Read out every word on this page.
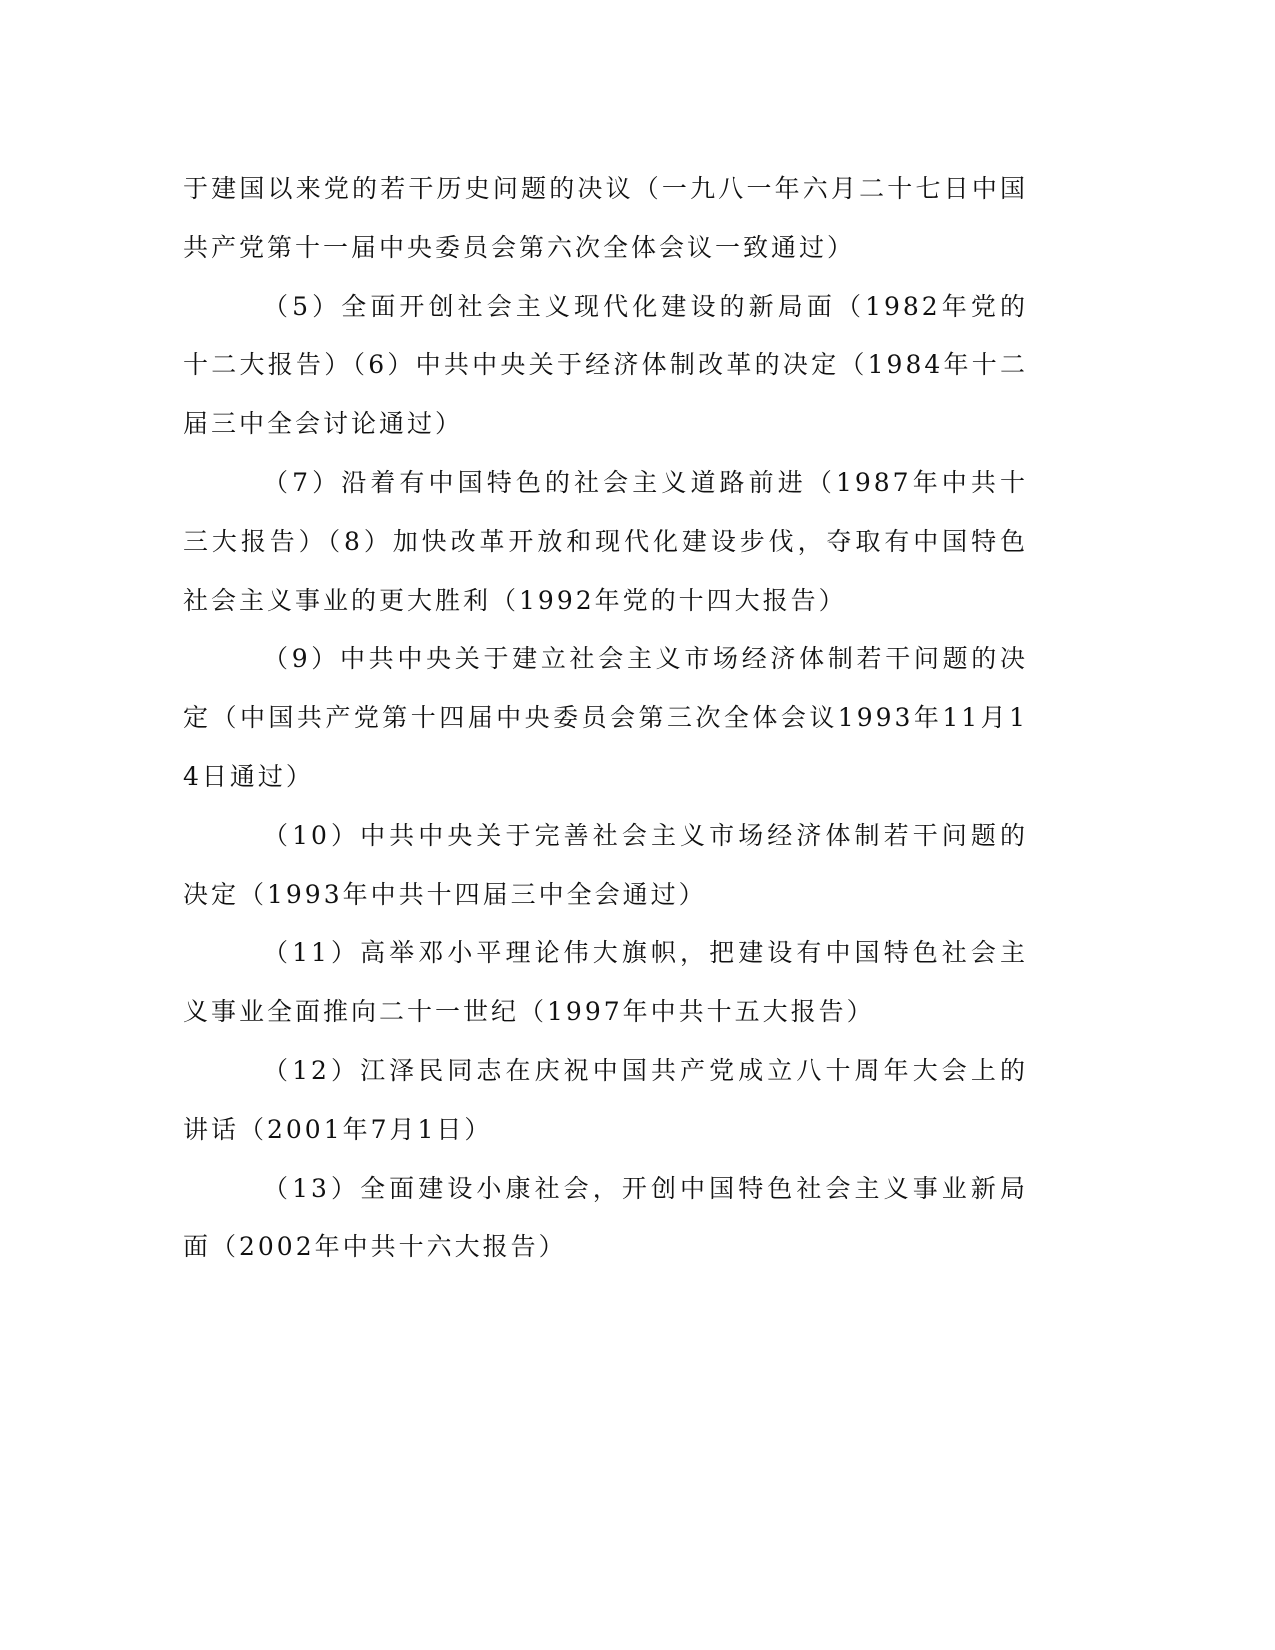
于建国以来党的若干历史问题的决议（一九八一年六月二十七日中国共产党第十一届中央委员会第六次全体会议一致通过）

（5）全面开创社会主义现代化建设的新局面（1982年党的十二大报告）（6）中共中央关于经济体制改革的决定（1984年十二届三中全会讨论通过）

（7）沿着有中国特色的社会主义道路前进（1987年中共十三大报告）（8）加快改革开放和现代化建设步伐，夺取有中国特色社会主义事业的更大胜利（1992年党的十四大报告）

（9）中共中央关于建立社会主义市场经济体制若干问题的决定（中国共产党第十四届中央委员会第三次全体会议1993年11月14日通过）

（10）中共中央关于完善社会主义市场经济体制若干问题的决定（1993年中共十四届三中全会通过）

（11）高举邓小平理论伟大旗帜，把建设有中国特色社会主义事业全面推向二十一世纪（1997年中共十五大报告）

（12）江泽民同志在庆祝中国共产党成立八十周年大会上的讲话（2001年7月1日）

（13）全面建设小康社会，开创中国特色社会主义事业新局面（2002年中共十六大报告）
